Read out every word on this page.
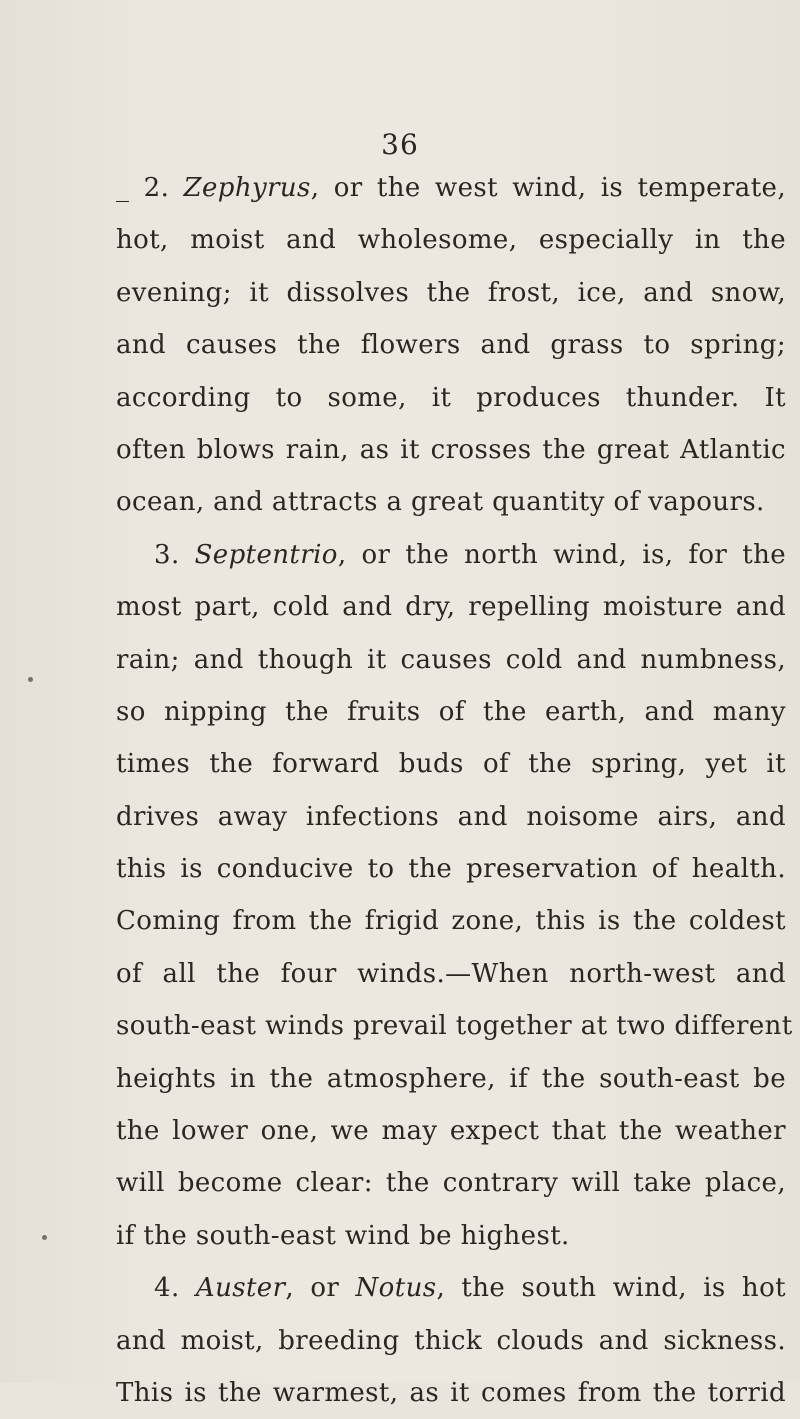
36
_ 2. Zephyrus, or the west wind, is temperate,
hot, moist and wholesome, especially in the
evening; it dissolves the frost, ice, and snow,
and causes the flowers and grass to spring;
according to some, it produces thunder. It
often blows rain, as it crosses the great Atlantic
ocean, and attracts a great quantity of vapours.
3. Septentrio, or the north wind, is, for the
most part, cold and dry, repelling moisture and
rain; and though it causes cold and numbness,
so nipping the fruits of the earth, and many
times the forward buds of the spring, yet it
drives away infections and noisome airs, and
this is conducive to the preservation of health.
Coming from the frigid zone, this is the coldest
of all the four winds.—When north-west and
south-east winds prevail together at two different
heights in the atmosphere, if the south-east be
the lower one, we may expect that the weather
will become clear: the contrary will take place,
if the south-east wind be highest.
4. Auster, or Notus, the south wind, is hot
and moist, breeding thick clouds and sickness.
This is the warmest, as it comes from the torrid
